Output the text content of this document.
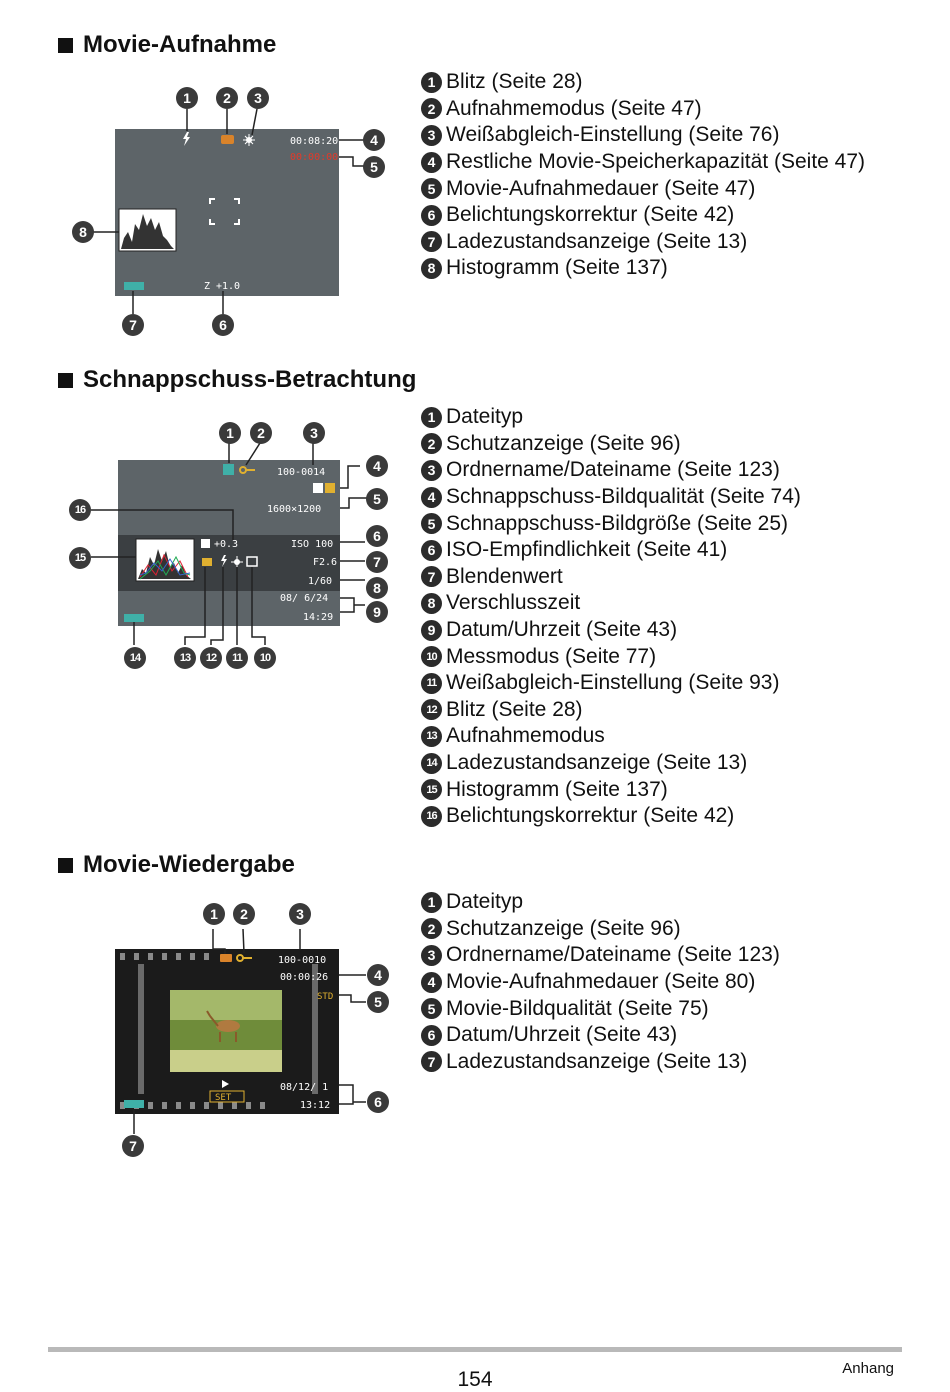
Movie-Aufnahme
00:08:20
00:00:00
Z +1.0
1	2	3
4
5
8
7	6
1 Blitz (Seite 28)
2 Aufnahmemodus (Seite 47)
3 Weißabgleich-Einstellung (Seite 76)
4 Restliche Movie-Speicherkapazität (Seite 47)
5 Movie-Aufnahmedauer (Seite 47)
6 Belichtungskorrektur (Seite 42)
7 Ladezustandsanzeige (Seite 13)
8 Histogramm (Seite 137)
Schnappschuss-Betrachtung
100-0014
1600×1200
+0.3	ISO 100
F2.6
1/60
08/ 6/24
14:29
1	2	3
4
5
16
15
6
7
8
9
14	13	12	11	10
1 Dateityp
2 Schutzanzeige (Seite 96)
3 Ordnername/Dateiname (Seite 123)
4 Schnappschuss-Bildqualität (Seite 74)
5 Schnappschuss-Bildgröße (Seite 25)
6 ISO-Empfindlichkeit (Seite 41)
7 Blendenwert
8 Verschlusszeit
9 Datum/Uhrzeit (Seite 43)
10 Messmodus (Seite 77)
11 Weißabgleich-Einstellung (Seite 93)
12 Blitz (Seite 28)
13 Aufnahmemodus
14 Ladezustandsanzeige (Seite 13)
15 Histogramm (Seite 137)
16 Belichtungskorrektur (Seite 42)
Movie-Wiedergabe
100-0010
00:00:26
STD
SET
08/12/ 1
13:12
1	2	3
4
5
6
7
1 Dateityp
2 Schutzanzeige (Seite 96)
3 Ordnername/Dateiname (Seite 123)
4 Movie-Aufnahmedauer (Seite 80)
5 Movie-Bildqualität (Seite 75)
6 Datum/Uhrzeit (Seite 43)
7 Ladezustandsanzeige (Seite 13)
154	Anhang
